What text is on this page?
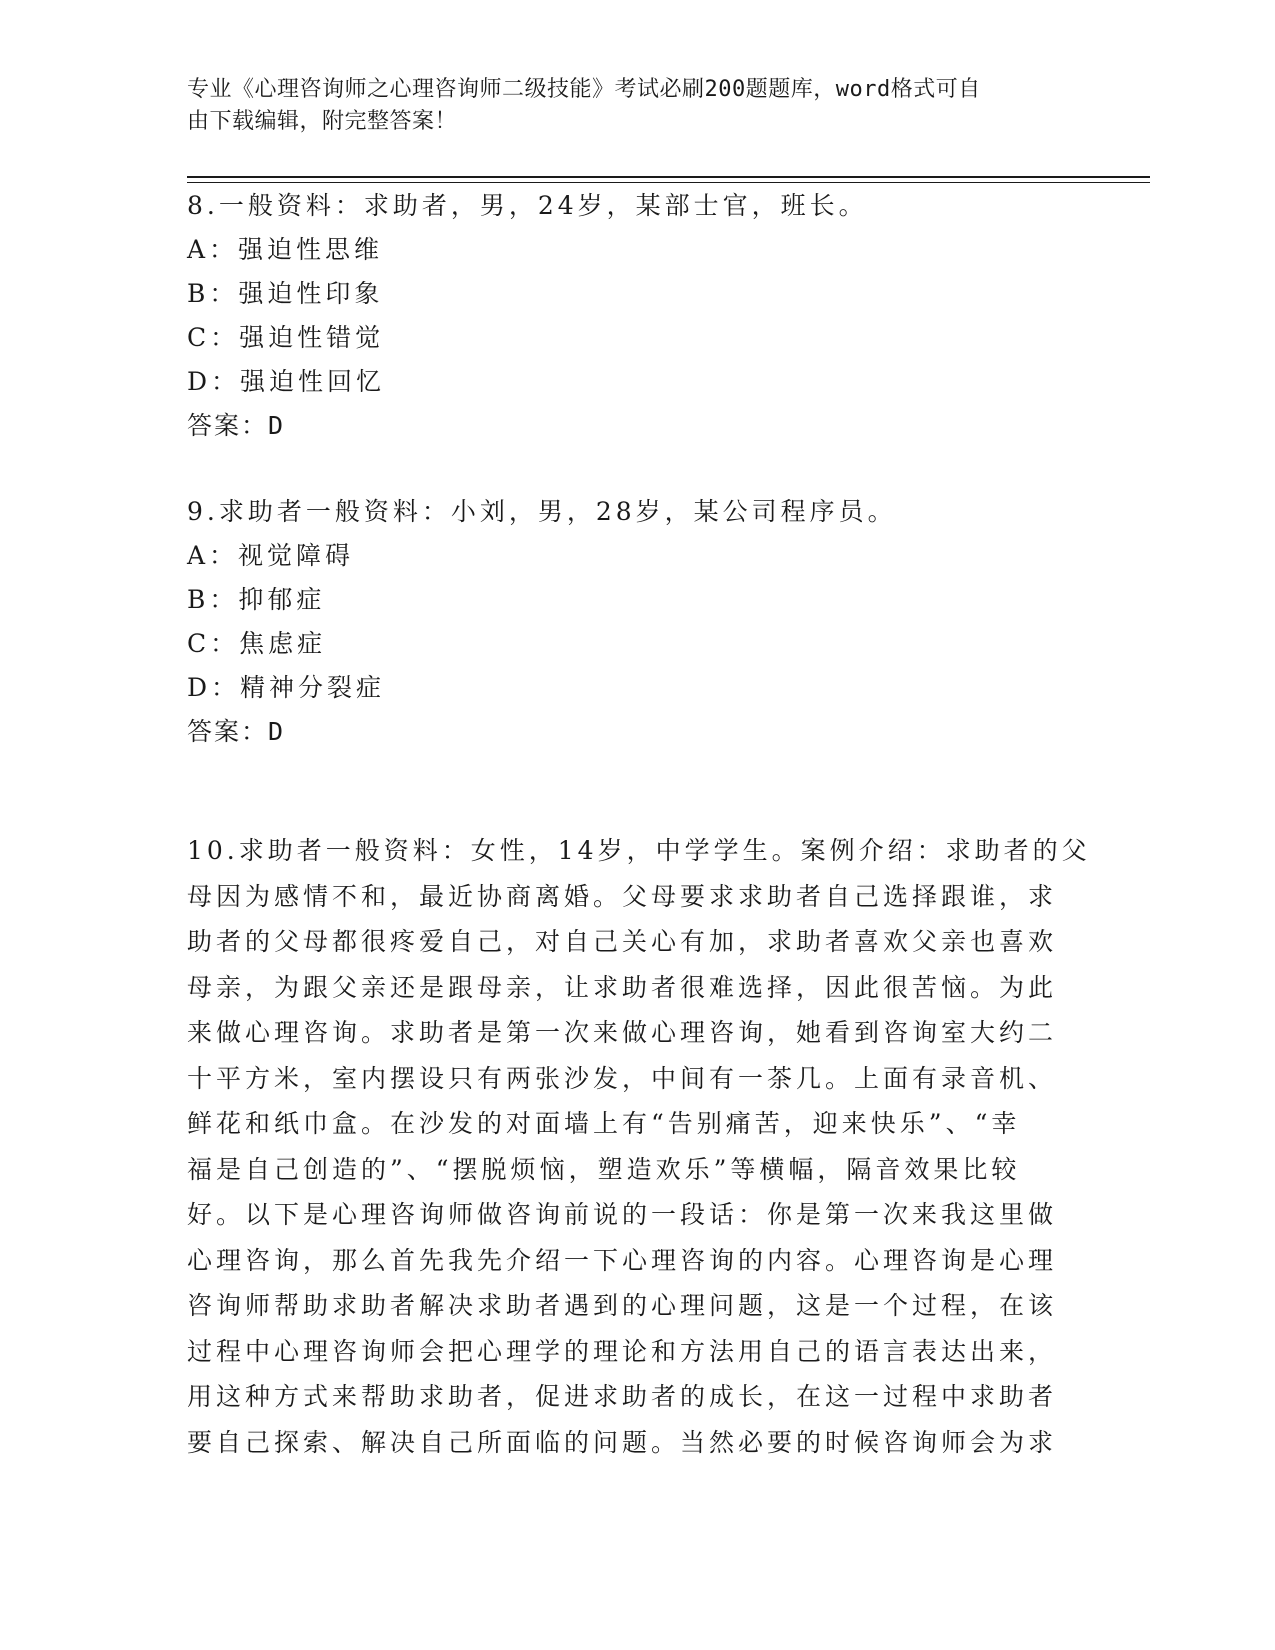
专业《心理咨询师之心理咨询师二级技能》考试必刷200题题库，word格式可自
由下载编辑，附完整答案！

8.一般资料：求助者，男，24岁，某部士官，班长。

A：强迫性思维

B：强迫性印象

C：强迫性错觉

D：强迫性回忆

答案：D

9.求助者一般资料：小刘，男，28岁，某公司程序员。

A：视觉障碍

B：抑郁症

C：焦虑症

D：精神分裂症

答案：D

10.求助者一般资料：女性，14岁，中学学生。案例介绍：求助者的父
母因为感情不和，最近协商离婚。父母要求求助者自己选择跟谁，求
助者的父母都很疼爱自己，对自己关心有加，求助者喜欢父亲也喜欢
母亲，为跟父亲还是跟母亲，让求助者很难选择，因此很苦恼。为此
来做心理咨询。求助者是第一次来做心理咨询，她看到咨询室大约二
十平方米，室内摆设只有两张沙发，中间有一茶几。上面有录音机、
鲜花和纸巾盒。在沙发的对面墙上有“告别痛苦，迎来快乐”、“幸
福是自己创造的”、“摆脱烦恼，塑造欢乐”等横幅，隔音效果比较
好。以下是心理咨询师做咨询前说的一段话：你是第一次来我这里做
心理咨询，那么首先我先介绍一下心理咨询的内容。心理咨询是心理
咨询师帮助求助者解决求助者遇到的心理问题，这是一个过程，在该
过程中心理咨询师会把心理学的理论和方法用自己的语言表达出来，
用这种方式来帮助求助者，促进求助者的成长，在这一过程中求助者
要自己探索、解决自己所面临的问题。当然必要的时候咨询师会为求
